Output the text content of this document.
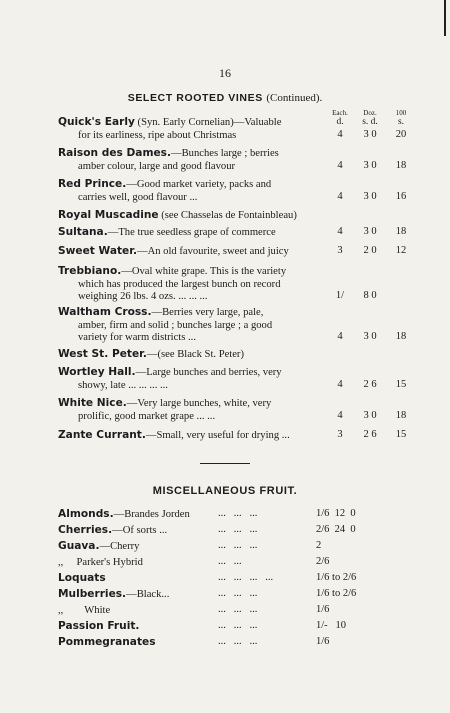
16
SELECT ROOTED VINES (Continued).
Each.
d.
Doz.
s. d.
100
s.
Quick's Early (Syn. Early Cornelian)—Valuable
for its earliness, ripe about Christmas	4	3 0	20
Raison des Dames.—Bunches large ; berries
amber colour, large and good flavour	4	3 0	18
Red Prince.—Good market variety, packs and
carries well, good flavour ...	4	3 0	16
Royal Muscadine (see Chasselas de Fontainbleau)
Sultana.—The true seedless grape of commerce	4	3 0	18
Sweet Water.—An old favourite, sweet and juicy	3	2 0	12
Trebbiano.—Oval white grape. This is the variety
which has produced the largest bunch on record
weighing 26 lbs. 4 ozs. ... ... ...	1/	8 0
Waltham Cross.—Berries very large, pale,
amber, firm and solid ; bunches large ; a good
variety for warm districts ...	4	3 0	18
West St. Peter.—(see Black St. Peter)
Wortley Hall.—Large bunches and berries, very
showy, late ... ... ... ...	4	2 6	15
White Nice.—Very large bunches, white, very
prolific, good market grape ... ...	4	3 0	18
Zante Currant.—Small, very useful for drying ...	3	2 6	15
MISCELLANEOUS FRUIT.
Almonds.—Brandes Jorden	...   ...   ...	1/6  12  0
Cherries.—Of sorts ...	...   ...   ...	2/6  24  0
Guava.—Cherry	...   ...   ...	2
,,     Parker's Hybrid	...   ...	2/6
Loquats	...   ...   ...   ...	1/6 to 2/6
Mulberries.—Black...	...   ...   ...	1/6 to 2/6
,,        White	...   ...   ...	1/6
Passion Fruit.	...   ...   ...	1/-   10
Pommegranates	...   ...   ...	1/6
